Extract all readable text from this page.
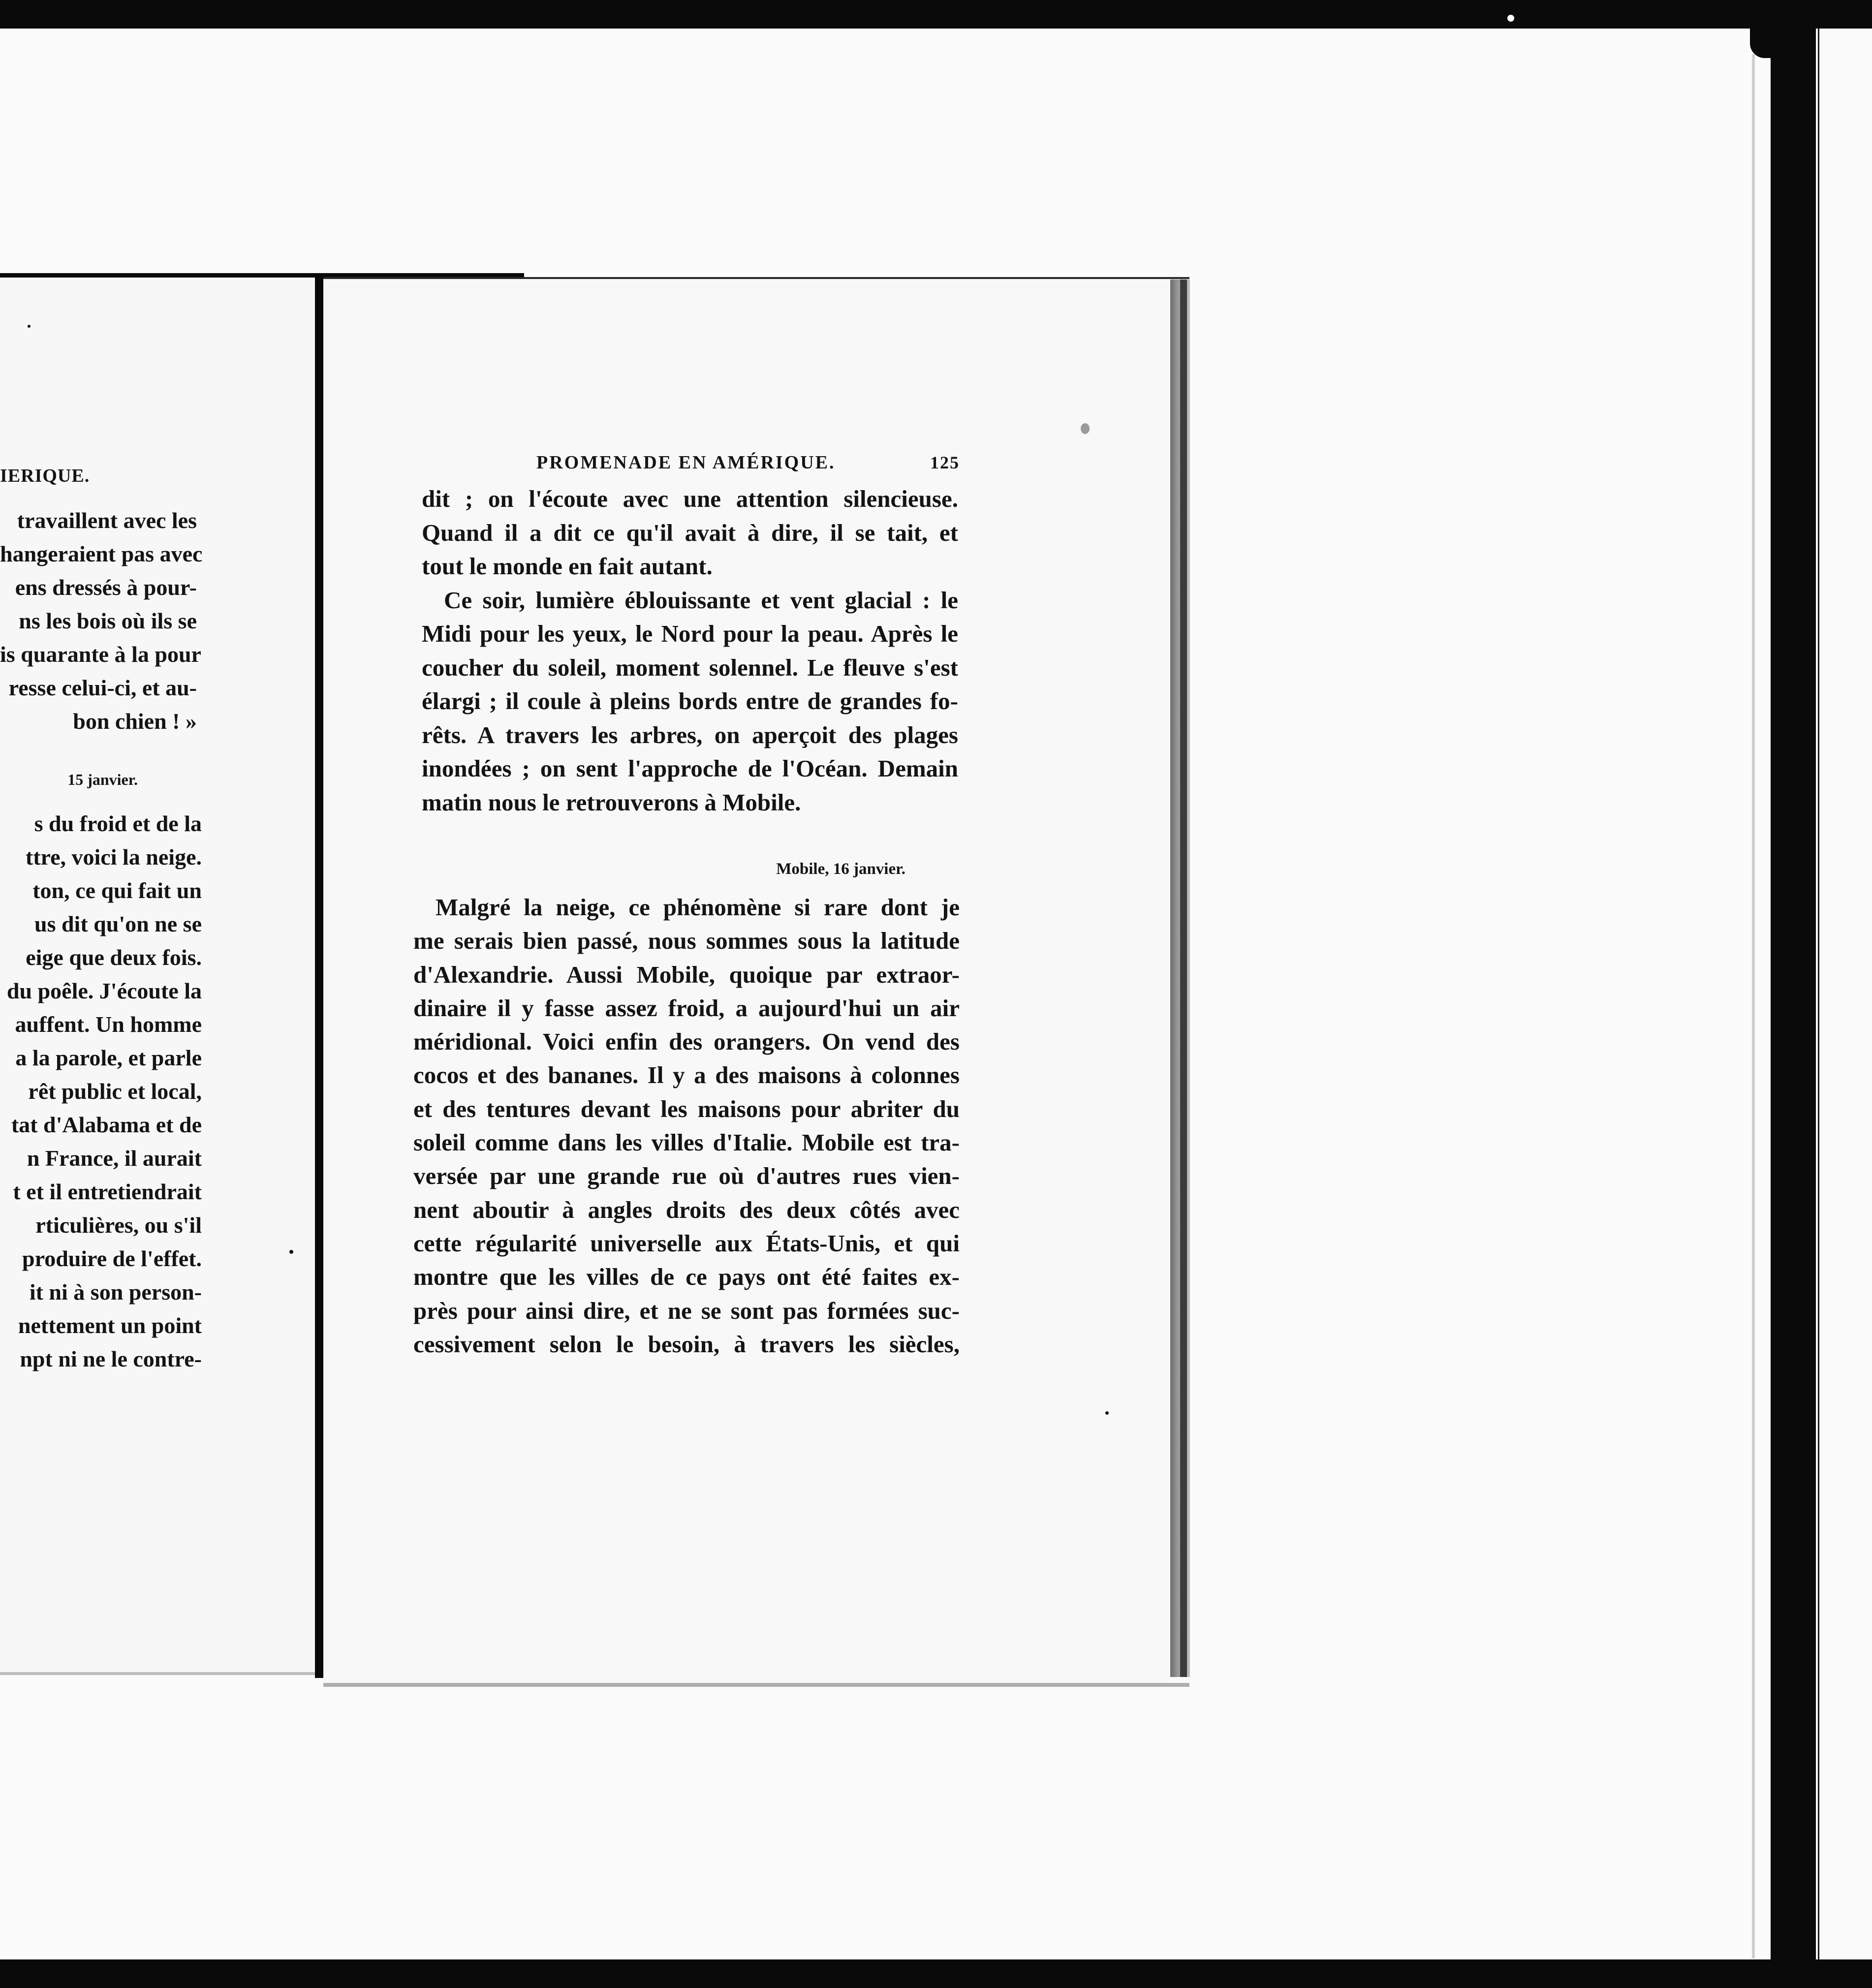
IERIQUE.
travaillent avec les
hangeraient pas avec
ens dressés à pour-
ns les bois où ils se
is quarante à la pour
resse celui-ci, et au-
bon chien ! »
15 janvier.
s du froid et de la
ttre, voici la neige.
ton, ce qui fait un
us dit qu'on ne se
eige que deux fois.
du poêle. J'écoute la
auffent. Un homme
a la parole, et parle
rêt public et local,
tat d'Alabama et de
n France, il aurait
t et il entretiendrait
rticulières, ou s'il
produire de l'effet.
it ni à son person-
nettement un point
npt ni ne le contre-
PROMENADE EN AMÉRIQUE.	125
dit ; on l'écoute avec une attention silencieuse.
Quand il a dit ce qu'il avait à dire, il se tait, et
tout le monde en fait autant.
Ce soir, lumière éblouissante et vent glacial : le
Midi pour les yeux, le Nord pour la peau. Après le
coucher du soleil, moment solennel. Le fleuve s'est
élargi ; il coule à pleins bords entre de grandes fo-
rêts. A travers les arbres, on aperçoit des plages
inondées ; on sent l'approche de l'Océan. Demain
matin nous le retrouverons à Mobile.
Mobile, 16 janvier.
Malgré la neige, ce phénomène si rare dont je
me serais bien passé, nous sommes sous la latitude
d'Alexandrie. Aussi Mobile, quoique par extraor-
dinaire il y fasse assez froid, a aujourd'hui un air
méridional. Voici enfin des orangers. On vend des
cocos et des bananes. Il y a des maisons à colonnes
et des tentures devant les maisons pour abriter du
soleil comme dans les villes d'Italie. Mobile est tra-
versée par une grande rue où d'autres rues vien-
nent aboutir à angles droits des deux côtés avec
cette régularité universelle aux États-Unis, et qui
montre que les villes de ce pays ont été faites ex-
près pour ainsi dire, et ne se sont pas formées suc-
cessivement selon le besoin, à travers les siècles,
